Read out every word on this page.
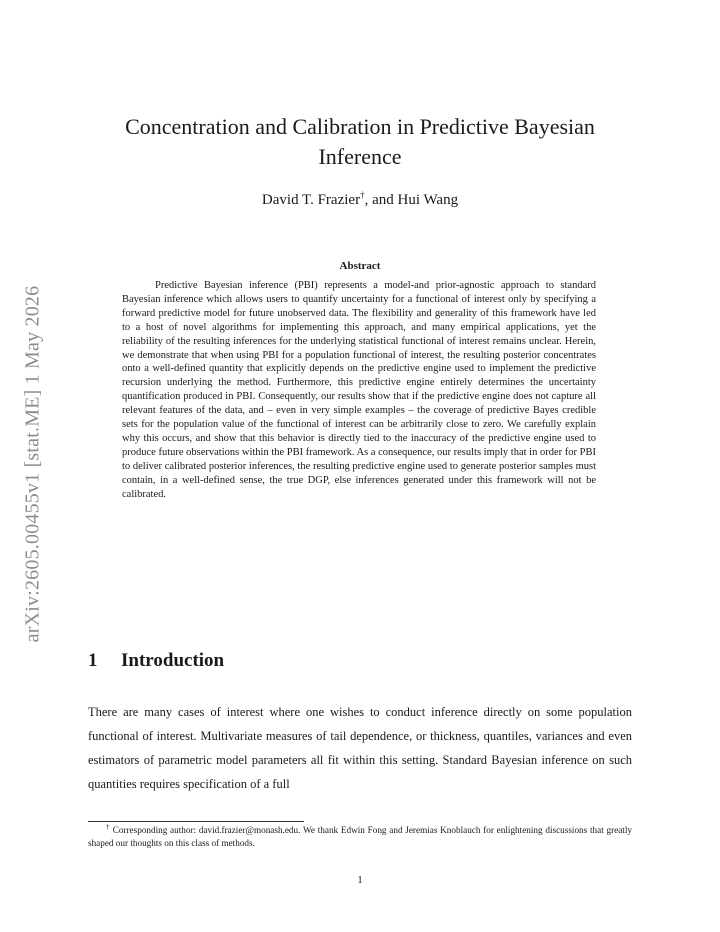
arXiv:2605.00455v1 [stat.ME] 1 May 2026
Concentration and Calibration in Predictive Bayesian Inference
David T. Frazier†, and Hui Wang
Abstract

Predictive Bayesian inference (PBI) represents a model-and prior-agnostic approach to standard Bayesian inference which allows users to quantify uncertainty for a functional of interest only by specifying a forward predictive model for future unobserved data. The flexibility and generality of this framework have led to a host of novel algorithms for implementing this approach, and many empirical applications, yet the reliability of the resulting inferences for the underlying statistical functional of interest remains unclear. Herein, we demonstrate that when using PBI for a population functional of interest, the resulting posterior concentrates onto a well-defined quantity that explicitly depends on the predictive engine used to implement the predictive recursion underlying the method. Furthermore, this predictive engine entirely determines the uncertainty quantification produced in PBI. Consequently, our results show that if the predictive engine does not capture all relevant features of the data, and – even in very simple examples – the coverage of predictive Bayes credible sets for the population value of the functional of interest can be arbitrarily close to zero. We carefully explain why this occurs, and show that this behavior is directly tied to the inaccuracy of the predictive engine used to produce future observations within the PBI framework. As a consequence, our results imply that in order for PBI to deliver calibrated posterior inferences, the resulting predictive engine used to generate posterior samples must contain, in a well-defined sense, the true DGP, else inferences generated under this framework will not be calibrated.

1 Introduction

There are many cases of interest where one wishes to conduct inference directly on some population functional of interest. Multivariate measures of tail dependence, or thickness, quantiles, variances and even estimators of parametric model parameters all fit within this setting. Standard Bayesian inference on such quantities requires specification of a full

† Corresponding author: david.frazier@monash.edu. We thank Edwin Fong and Jeremias Knoblauch for enlightening discussions that greatly shaped our thoughts on this class of methods.

1
